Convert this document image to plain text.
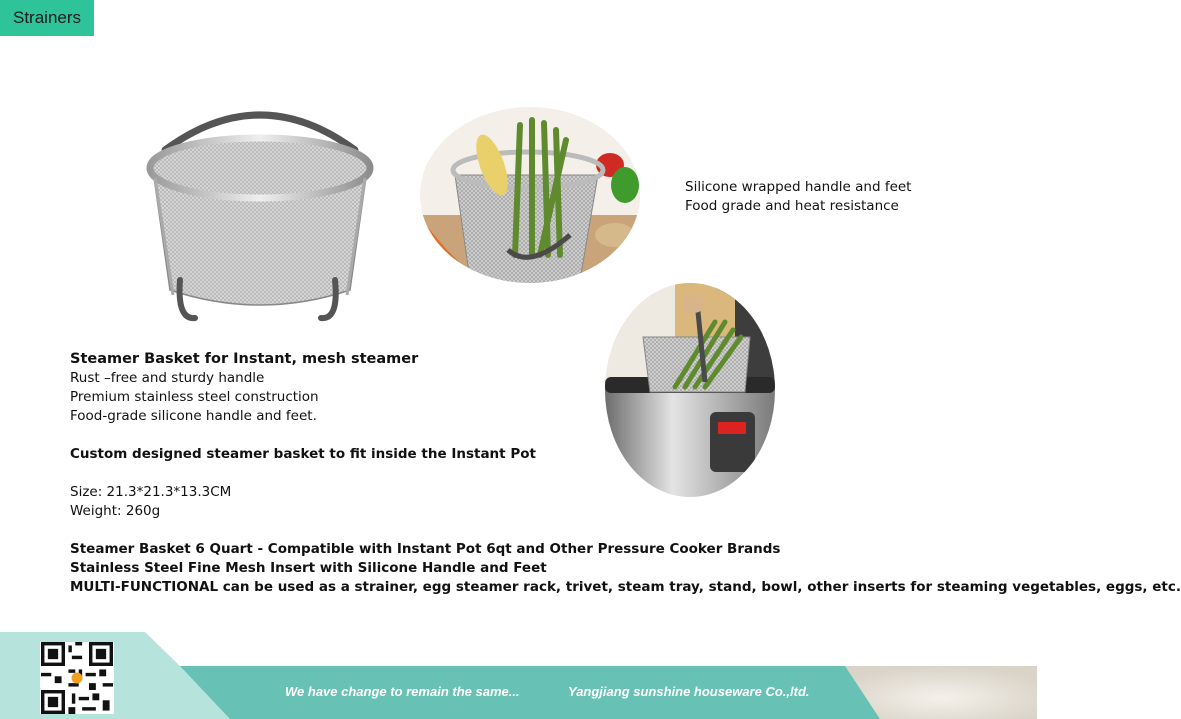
Strainers
Silicone wrapped handle and feet
Food grade and heat resistance
Steamer Basket for Instant, mesh steamer
Rust –free and sturdy handle
Premium stainless steel construction
Food-grade silicone handle and feet.
Custom designed steamer basket to fit inside the Instant Pot
Size: 21.3*21.3*13.3CM
Weight: 260g
Steamer Basket 6 Quart - Compatible with Instant Pot 6qt and Other Pressure Cooker Brands
Stainless Steel Fine Mesh Insert with Silicone Handle and Feet
MULTI-FUNCTIONAL can be used as a strainer, egg steamer rack, trivet, steam tray, stand, bowl, other inserts for steaming vegetables, eggs, etc.
We have change to remain the same...	Yangjiang sunshine houseware Co.,ltd.
